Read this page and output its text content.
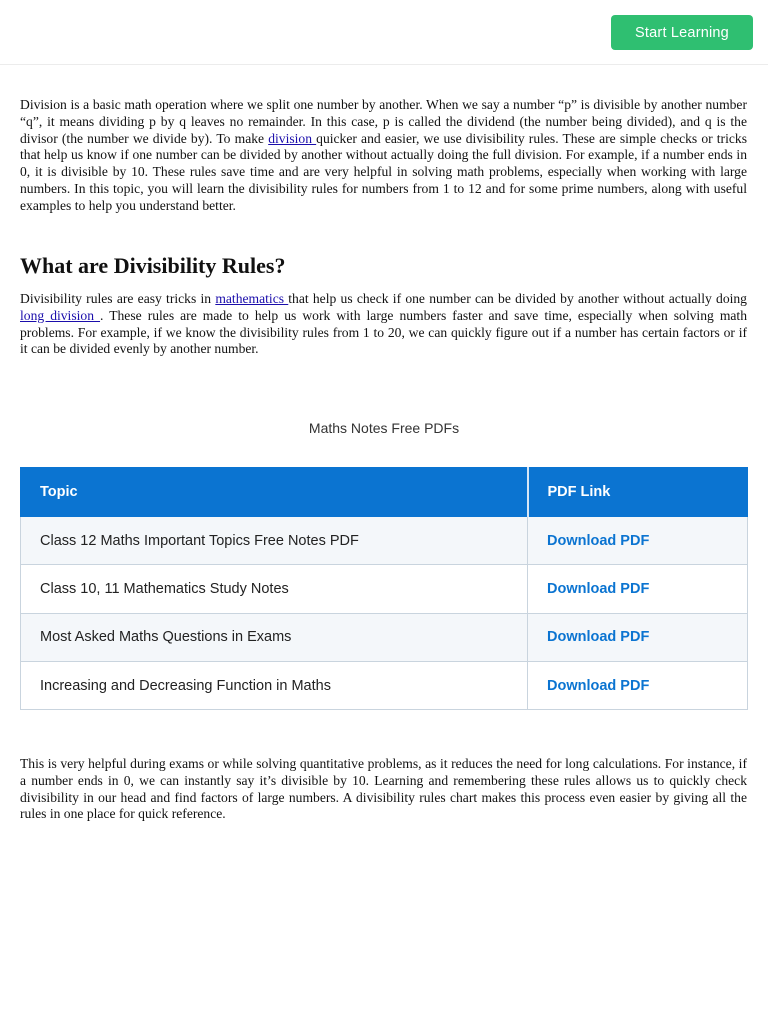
Start Learning

Division is a basic math operation where we split one number by another. When we say a number “p” is divisible by another number “q”, it means dividing p by q leaves no remainder. In this case, p is called the dividend (the number being divided), and q is the divisor (the number we divide by). To make division quicker and easier, we use divisibility rules. These are simple checks or tricks that help us know if one number can be divided by another without actually doing the full division. For example, if a number ends in 0, it is divisible by 10. These rules save time and are very helpful in solving math problems, especially when working with large numbers. In this topic, you will learn the divisibility rules for numbers from 1 to 12 and for some prime numbers, along with useful examples to help you understand better.

What are Divisibility Rules?

Divisibility rules are easy tricks in mathematics that help us check if one number can be divided by another without actually doing long division . These rules are made to help us work with large numbers faster and save time, especially when solving math problems. For example, if we know the divisibility rules from 1 to 20, we can quickly figure out if a number has certain factors or if it can be divided evenly by another number.

Maths Notes Free PDFs
Topic	PDF Link
Class 12 Maths Important Topics Free Notes PDF	Download PDF
Class 10, 11 Mathematics Study Notes	Download PDF
Most Asked Maths Questions in Exams	Download PDF
Increasing and Decreasing Function in Maths	Download PDF

This is very helpful during exams or while solving quantitative problems, as it reduces the need for long calculations. For instance, if a number ends in 0, we can instantly say it’s divisible by 10. Learning and remembering these rules allows us to quickly check divisibility in our head and find factors of large numbers. A divisibility rules chart makes this process even easier by giving all the rules in one place for quick reference.
